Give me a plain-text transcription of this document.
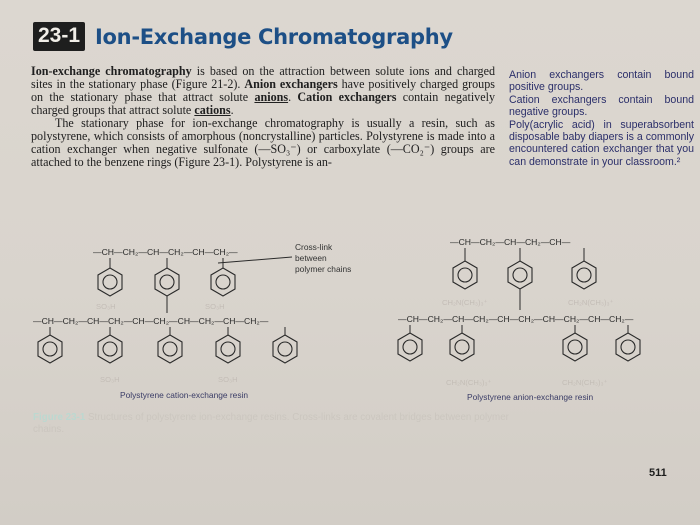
23-1 Ion-Exchange Chromatography

Ion-exchange chromatography is based on the attraction between solute ions and charged sites in the stationary phase (Figure 21-2). Anion exchangers have positively charged groups on the stationary phase that attract solute anions. Cation exchangers contain negatively charged groups that attract solute cations.

The stationary phase for ion-exchange chromatography is usually a resin, such as polystyrene, which consists of amorphous (noncrystalline) particles. Polystyrene is made into a cation exchanger when negative sulfonate (—SO₃⁻) or carboxylate (—CO₂⁻) groups are attached to the benzene rings (Figure 23-1). Polystyrene is an-

Anion exchangers contain bound positive groups.

Cation exchangers contain bound negative groups.

Poly(acrylic acid) in superabsorbent disposable baby diapers is a commonly encountered cation exchanger that you can demonstrate in your classroom.²

—CH—CH₂—CH—CH₂—CH—CH₂—	Cross-link
between
polymer chains
SO₃H
SO₃H
—CH—CH₂—CH—CH₂—CH—CH₂—CH—CH₂—CH—CH₂—
SO₃H	SO₃H
Polystyrene cation-exchange resin
—CH—CH₂—CH—CH₂—CH—
CH₂N(CH₃)₃⁺	CH₂N(CH₃)₃⁺
—CH—CH₂—CH—CH₂—CH—CH₂—CH—CH₂—CH—CH₂—
CH₂N(CH₃)₃⁺	CH₂N(CH₃)₃⁺
Polystyrene anion-exchange resin
Figure 23-1 Structures of polystyrene ion-exchange resins. Cross-links are covalent bridges between polymer chains.
511
